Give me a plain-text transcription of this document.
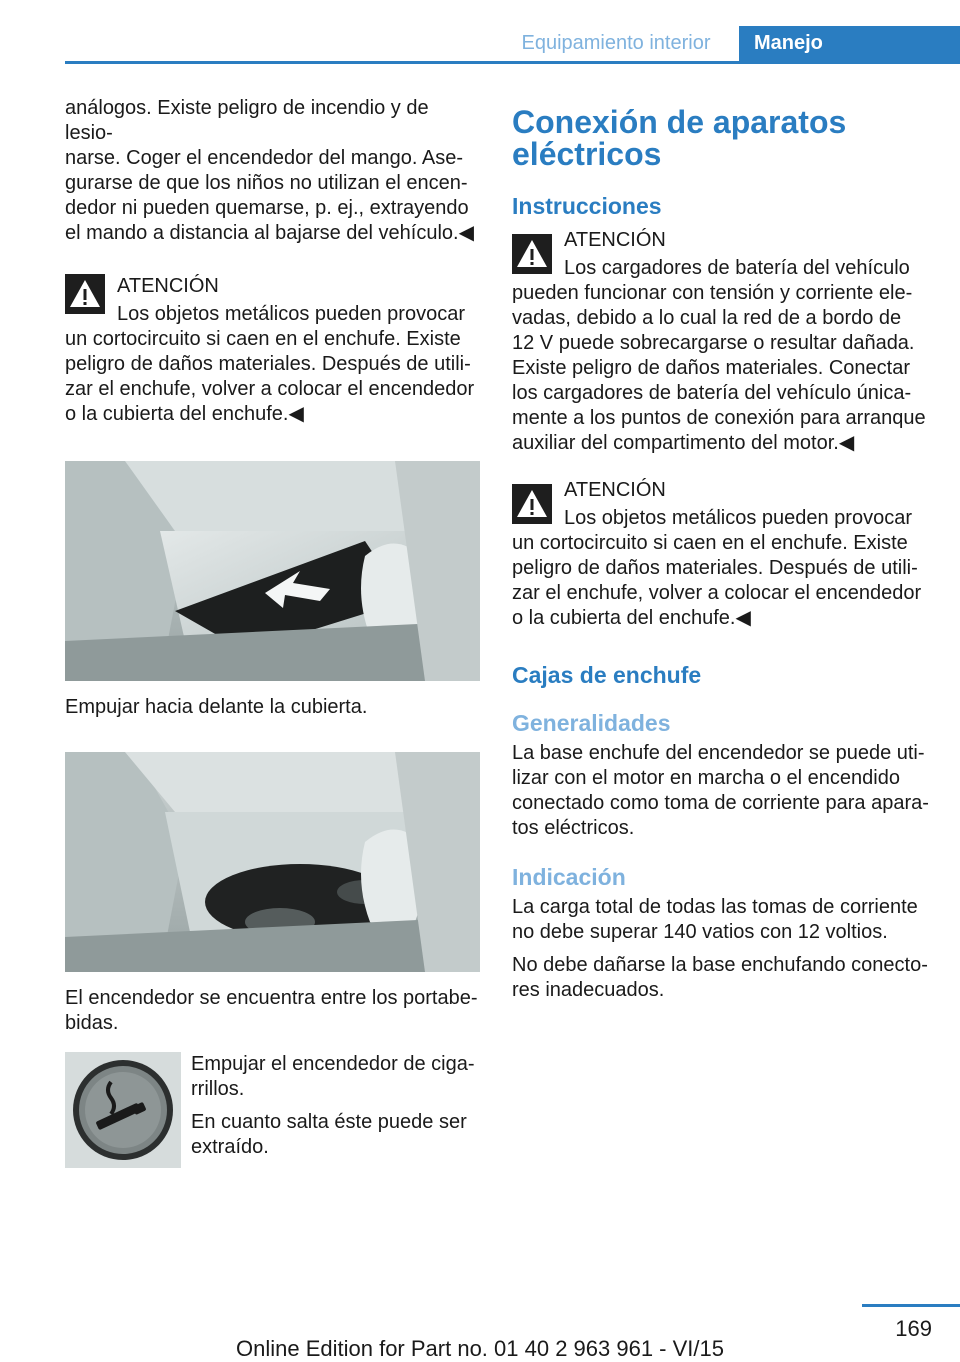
Equipamiento interior	Manejo

análogos. Existe peligro de incendio y de lesio‐

narse. Coger el encendedor del mango. Ase‐

gurarse de que los niños no utilizan el encen‐

dedor ni pueden quemarse, p. ej., extrayendo

el mando a distancia al bajarse del vehículo.◀

ATENCIÓN

Los objetos metálicos pueden provocar

un cortocircuito si caen en el enchufe. Existe

peligro de daños materiales. Después de utili‐

zar el enchufe, volver a colocar el encendedor

o la cubierta del enchufe.◀

Empujar hacia delante la cubierta.

El encendedor se encuentra entre los portabe‐

bidas.

Empujar el encendedor de ciga‐

rrillos.

En cuanto salta éste puede ser

extraído.

Conexión de aparatos
eléctricos
Instrucciones

ATENCIÓN

Los cargadores de batería del vehículo

pueden funcionar con tensión y corriente ele‐

vadas, debido a lo cual la red de a bordo de

12 V puede sobrecargarse o resultar dañada.

Existe peligro de daños materiales. Conectar

los cargadores de batería del vehículo única‐

mente a los puntos de conexión para arranque

auxiliar del compartimento del motor.◀

ATENCIÓN

Los objetos metálicos pueden provocar

un cortocircuito si caen en el enchufe. Existe

peligro de daños materiales. Después de utili‐

zar el enchufe, volver a colocar el encendedor

o la cubierta del enchufe.◀

Cajas de enchufe
Generalidades

La base enchufe del encendedor se puede uti‐

lizar con el motor en marcha o el encendido

conectado como toma de corriente para apara‐

tos eléctricos.

Indicación

La carga total de todas las tomas de corriente

no debe superar 140 vatios con 12 voltios.

No debe dañarse la base enchufando conecto‐

res inadecuados.

169
Online Edition for Part no. 01 40 2 963 961 - VI/15
